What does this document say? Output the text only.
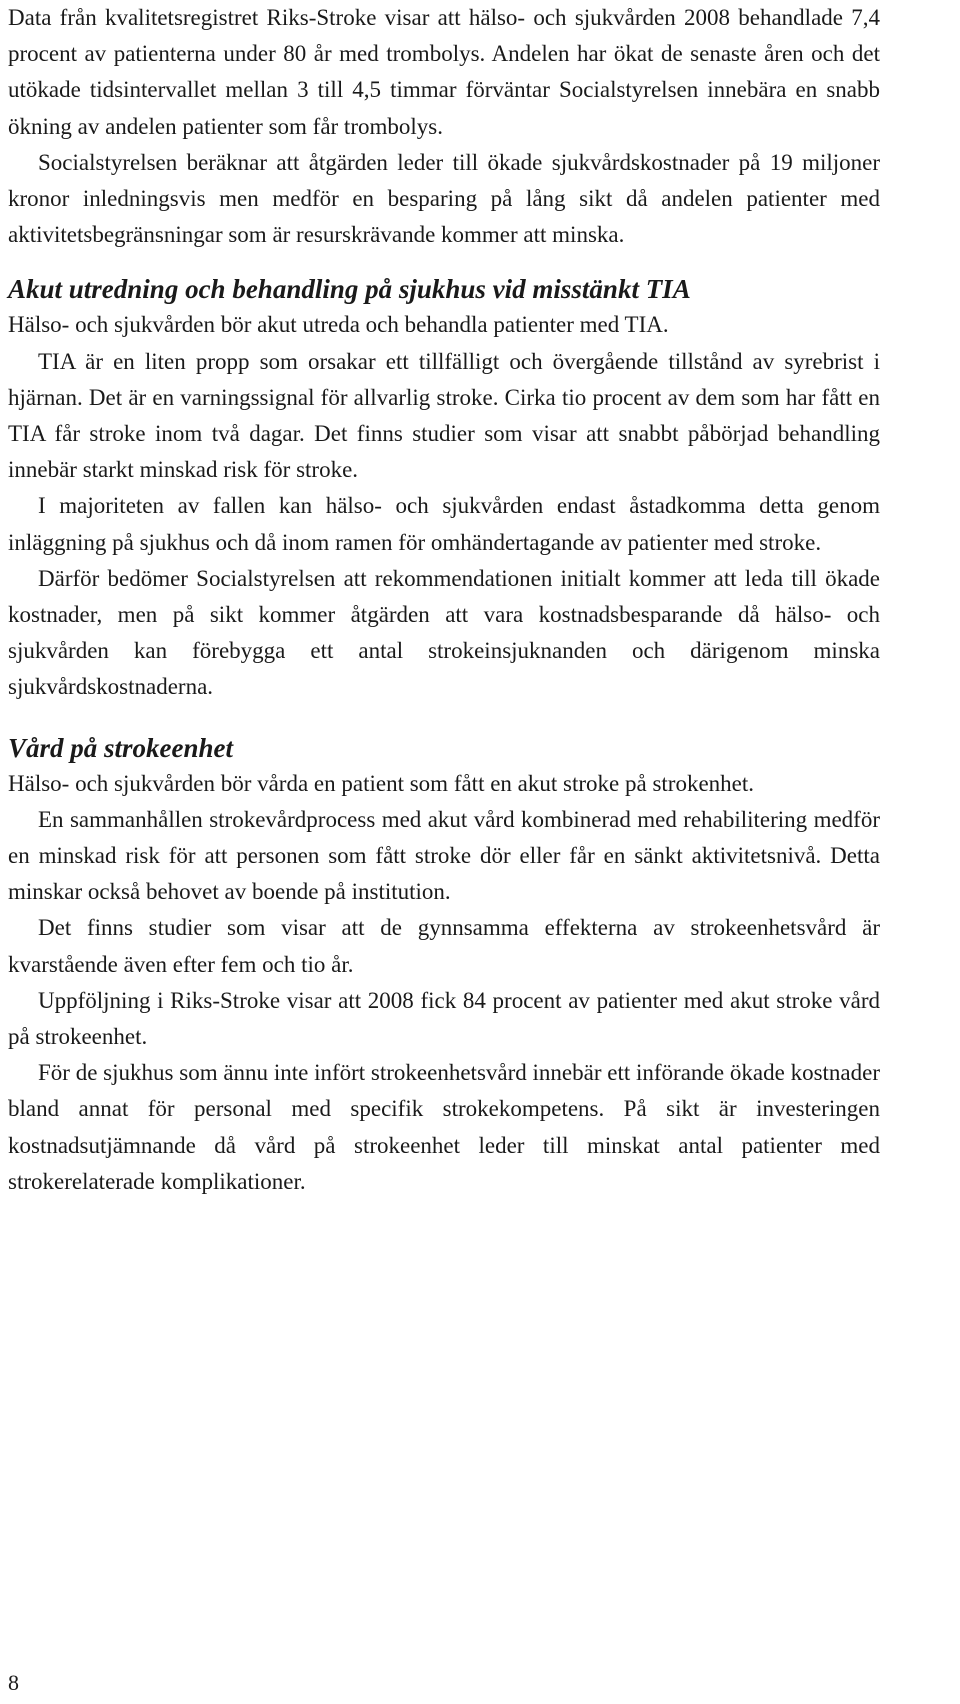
Data från kvalitetsregistret Riks-Stroke visar att hälso- och sjukvården 2008 behandlade 7,4 procent av patienterna under 80 år med trombolys. Andelen har ökat de senaste åren och det utökade tidsintervallet mellan 3 till 4,5 timmar förväntar Socialstyrelsen innebära en snabb ökning av andelen patienter som får trombolys.

Socialstyrelsen beräknar att åtgärden leder till ökade sjukvårdskostnader på 19 miljoner kronor inledningsvis men medför en besparing på lång sikt då andelen patienter med aktivitetsbegränsningar som är resurskrävande kommer att minska.

Akut utredning och behandling på sjukhus vid misstänkt TIA

Hälso- och sjukvården bör akut utreda och behandla patienter med TIA.

TIA är en liten propp som orsakar ett tillfälligt och övergående tillstånd av syrebrist i hjärnan. Det är en varningssignal för allvarlig stroke. Cirka tio procent av dem som har fått en TIA får stroke inom två dagar. Det finns studier som visar att snabbt påbörjad behandling innebär starkt minskad risk för stroke.

I majoriteten av fallen kan hälso- och sjukvården endast åstadkomma detta genom inläggning på sjukhus och då inom ramen för omhändertagande av patienter med stroke.

Därför bedömer Socialstyrelsen att rekommendationen initialt kommer att leda till ökade kostnader, men på sikt kommer åtgärden att vara kostnadsbesparande då hälso- och sjukvården kan förebygga ett antal strokeinsjuknanden och därigenom minska sjukvårdskostnaderna.

Vård på strokeenhet

Hälso- och sjukvården bör vårda en patient som fått en akut stroke på strokenhet.

En sammanhållen strokevårdprocess med akut vård kombinerad med rehabilitering medför en minskad risk för att personen som fått stroke dör eller får en sänkt aktivitetsnivå. Detta minskar också behovet av boende på institution.

Det finns studier som visar att de gynnsamma effekterna av strokeenhetsvård är kvarstående även efter fem och tio år.

Uppföljning i Riks-Stroke visar att 2008 fick 84 procent av patienter med akut stroke vård på strokeenhet.

För de sjukhus som ännu inte infört strokeenhetsvård innebär ett införande ökade kostnader bland annat för personal med specifik strokekompetens. På sikt är investeringen kostnadsutjämnande då vård på strokeenhet leder till minskat antal patienter med strokerelaterade komplikationer.

8
